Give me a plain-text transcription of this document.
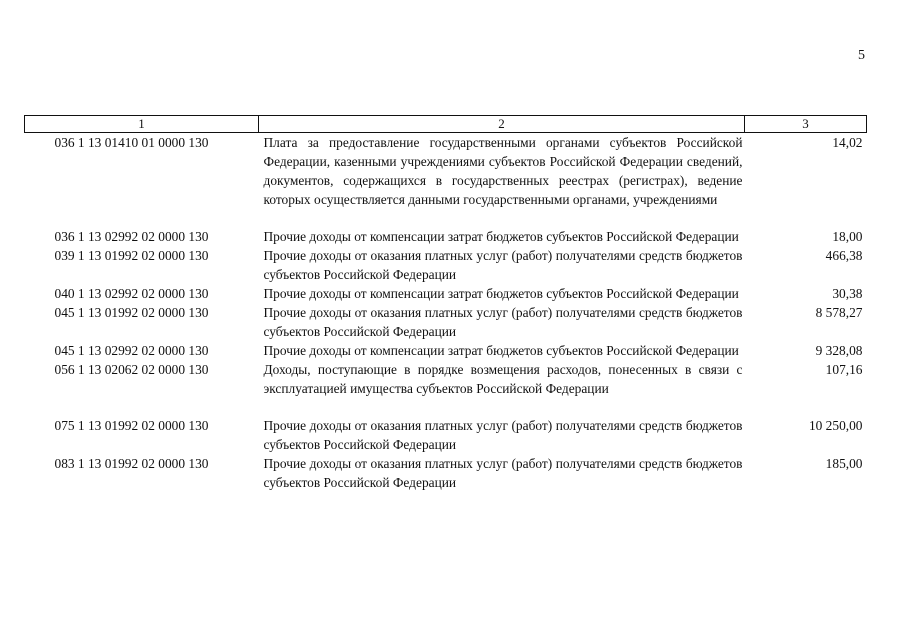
5
1	2	3
036 1 13 01410 01 0000 130	Плата за предоставление государственными органами субъектов Российской Федерации, казенными учреждениями субъектов Российской Федерации сведений, документов, содержащихся в государственных реестрах (регистрах), ведение которых осуществляется данными государственными органами, учреждениями	14,02
036 1 13 02992 02 0000 130	Прочие доходы от компенсации затрат бюджетов субъектов Российской Федерации	18,00
039 1 13 01992 02 0000 130	Прочие доходы от оказания платных услуг (работ) получателями средств бюджетов субъектов Российской Федерации	466,38
040 1 13 02992 02 0000 130	Прочие доходы от компенсации затрат бюджетов субъектов Российской Федерации	30,38
045 1 13 01992 02 0000 130	Прочие доходы от оказания платных услуг (работ) получателями средств бюджетов субъектов Российской Федерации	8 578,27
045 1 13 02992 02 0000 130	Прочие доходы от компенсации затрат бюджетов субъектов Российской Федерации	9 328,08
056 1 13 02062 02 0000 130	Доходы, поступающие в порядке возмещения расходов, понесенных в связи с эксплуатацией имущества субъектов Российской Федерации	107,16
075 1 13 01992 02 0000 130	Прочие доходы от оказания платных услуг (работ) получателями средств бюджетов субъектов Российской Федерации	10 250,00
083 1 13 01992 02 0000 130	Прочие доходы от оказания платных услуг (работ) получателями средств бюджетов субъектов Российской Федерации	185,00
